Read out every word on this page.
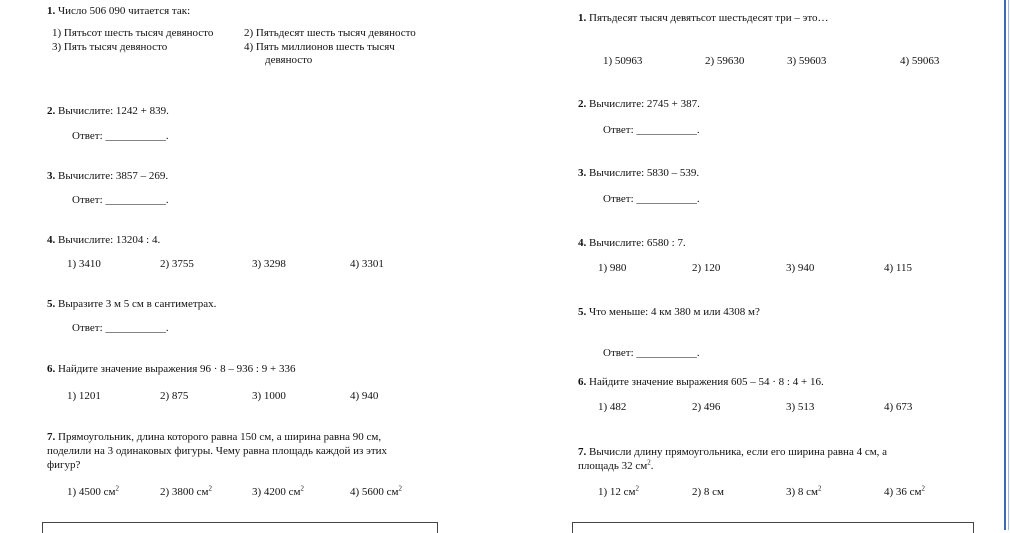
1. Число 506 090 читается так:
1) Пятьсот шесть тысяч девяносто	2) Пятьдесят шесть тысяч девяносто
3) Пять тысяч девяносто	4) Пять миллионов шесть тысяч
девяносто
2. Вычислите: 1242 + 839.
Ответ: ___________.
3. Вычислите: 3857 – 269.
Ответ: ___________.
4. Вычислите: 13204 : 4.
1) 3410	2) 3755	3) 3298	4) 3301
5. Выразите 3 м 5 см в сантиметрах.
Ответ: ___________.
6. Найдите значение выражения 96 · 8 – 936 : 9 + 336
1) 1201	2) 875	3) 1000	4) 940
7. Прямоугольник, длина которого равна 150 см, а ширина равна 90 см,
поделили на 3 одинаковых фигуры. Чему равна площадь каждой из этих
фигур?
1) 4500 $см^2$	2) 3800 $см^2$	3) 4200 $см^2$	4) 5600 $см^2$
1. Пятьдесят тысяч девятьсот шестьдесят три – это…
1) 50963	2) 59630	3) 59603	4) 59063
2. Вычислите: 2745 + 387.
Ответ: ___________.
3. Вычислите: 5830 – 539.
Ответ: ___________.
4. Вычислите: 6580 : 7.
1) 980	2) 120	3) 940	4) 115
5. Что меньше: 4 км 380 м или 4308 м?
Ответ: ___________.
6. Найдите значение выражения 605 – 54 · 8 : 4 + 16.
1) 482	2) 496	3) 513	4) 673
7. Вычисли длину прямоугольника, если его ширина равна 4 см, а
площадь 32 $см^2$.
1) 12 $см^2$	2) 8 см	3) 8 $см^2$	4) 36 $см^2$
